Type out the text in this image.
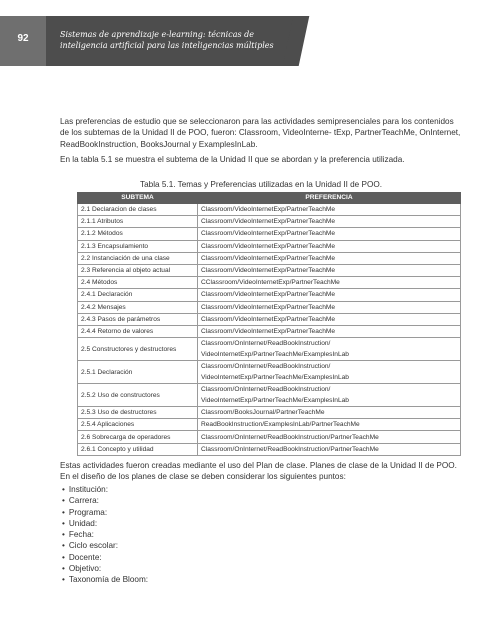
92	Sistemas de aprendizaje e-learning: técnicas de
inteligencia artificial para las inteligencias múltiples

Las preferencias de estudio que se seleccionaron para las actividades semipresenciales para los contenidos de los subtemas de la Unidad II de POO, fueron: Classroom, VideoInterne- tExp, PartnerTeachMe, OnInternet, ReadBookInstruction, BooksJournal y ExamplesInLab.

En la tabla 5.1 se muestra el subtema de la Unidad II que se abordan y la preferencia utilizada.

Tabla 5.1. Temas y Preferencias utilizadas en la Unidad II de POO.
SUBTEMA	PREFERENCIA
2.1 Declaracion de clases	Classroom/VideoInternetExp/PartnerTeachMe

2.1.1 Atributos	Classroom/VideoInternetExp/PartnerTeachMe

2.1.2 Métodos	Classroom/VideoInternetExp/PartnerTeachMe

2.1.3 Encapsulamiento	Classroom/VideoInternetExp/PartnerTeachMe

2.2 Instanciación de una clase	Classroom/VideoInternetExp/PartnerTeachMe

2.3 Referencia al objeto actual	Classroom/VideoInternetExp/PartnerTeachMe

2.4 Métodos	CClassroom/VideoInternetExp/PartnerTeachMe

2.4.1 Declaración	Classroom/VideoInternetExp/PartnerTeachMe

2.4.2 Mensajes	Classroom/VideoInternetExp/PartnerTeachMe

2.4.3 Pasos de parámetros	Classroom/VideoInternetExp/PartnerTeachMe

2.4.4 Retorno de valores	Classroom/VideoInternetExp/PartnerTeachMe

2.5 Constructores y destructores	Classroom/OnInternet/ReadBookInstruction/
VideoInternetExp/PartnerTeachMe/ExamplesInLab

2.5.1 Declaración	Classroom/OnInternet/ReadBookInstruction/
VideoInternetExp/PartnerTeachMe/ExamplesInLab

2.5.2 Uso de constructores	Classroom/OnInternet/ReadBookInstruction/
VideoInternetExp/PartnerTeachMe/ExamplesInLab

2.5.3 Uso de destructores	Classroom/BooksJournal/PartnerTeachMe

2.5.4 Aplicaciones	ReadBookInstruction/ExamplesInLab/PartnerTeachMe

2.6 Sobrecarga de operadores	Classroom/OnInternet/ReadBookInstruction/PartnerTeachMe

2.6.1 Concepto y utilidad	Classroom/OnInternet/ReadBookInstruction/PartnerTeachMe

Estas actividades fueron creadas mediante el uso del Plan de clase. Planes de clase de la Unidad II de POO. En el diseño de los planes de clase se deben considerar los siguientes puntos:

• Institución:
• Carrera:
• Programa:
• Unidad:
• Fecha:
• Ciclo escolar:
• Docente:
• Objetivo:
• Taxonomía de Bloom:
